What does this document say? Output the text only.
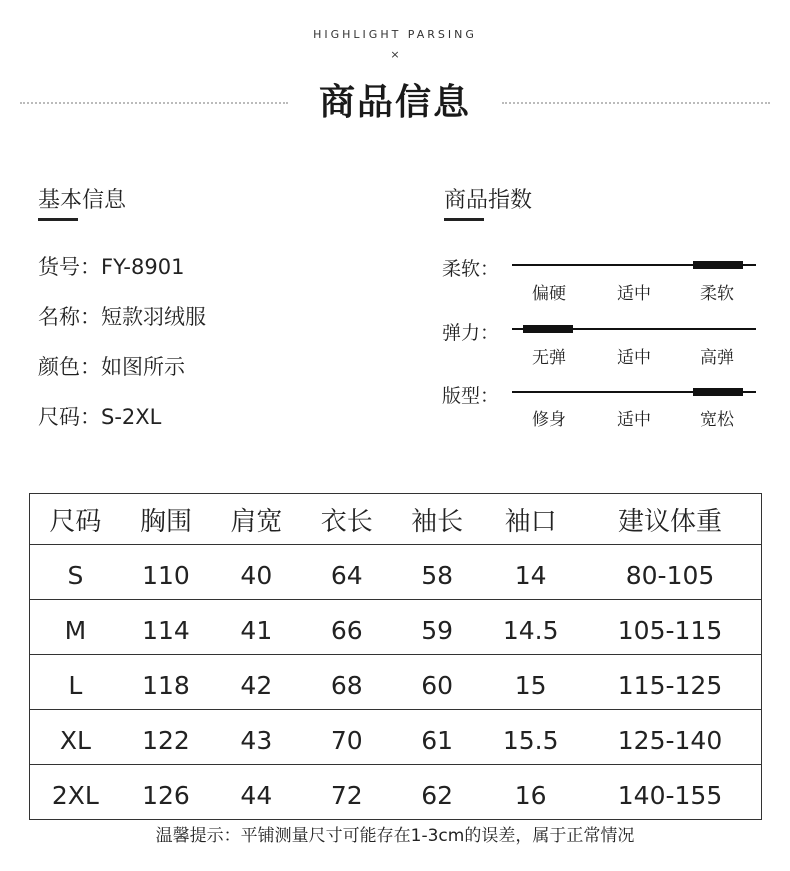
HIGHLIGHT PARSING
×
商品信息
基本信息
货号：FY-8901
名称：短款羽绒服
颜色：如图所示
尺码：S-2XL
商品指数
柔软：
偏硬	适中	柔软
弹力：
无弹	适中	高弹
版型：
修身	适中	宽松
尺码	胸围	肩宽	衣长	袖长	袖口	建议体重
S	110	40	64	58	14	80-105
M	114	41	66	59	14.5	105-115
L	118	42	68	60	15	115-125
XL	122	43	70	61	15.5	125-140
2XL	126	44	72	62	16	140-155
温馨提示：平铺测量尺寸可能存在1-3cm的误差，属于正常情况
